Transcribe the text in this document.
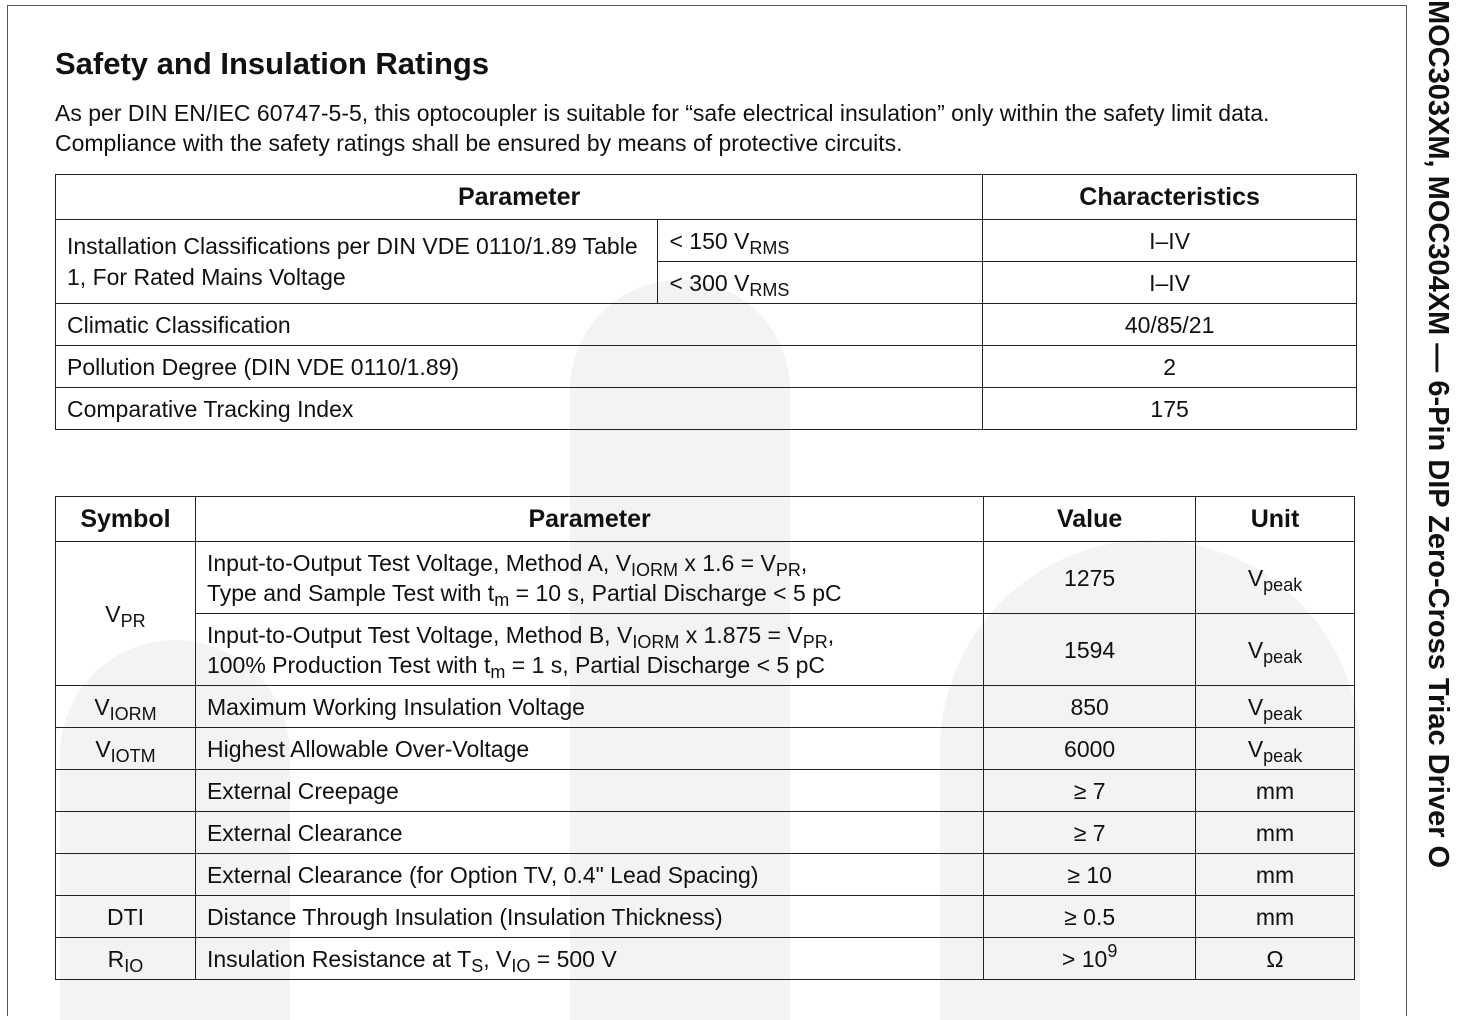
MOC303XM, MOC304XM — 6-Pin DIP Zero-Cross Triac Driver O
Safety and Insulation Ratings

As per DIN EN/IEC 60747-5-5, this optocoupler is suitable for “safe electrical insulation” only within the safety limit data. Compliance with the safety ratings shall be ensured by means of protective circuits.

Parameter		Characteristics
Installation Classifications per DIN VDE 0110/1.89 Table 1, For Rated Mains Voltage	< 150 $V_{RMS}$	I–IV
	< 300 $V_{RMS}$	I–IV
Climatic Classification		40/85/21
Pollution Degree (DIN VDE 0110/1.89)		2
Comparative Tracking Index		175
Symbol	Parameter	Value	Unit
$V_{PR}$	Input-to-Output Test Voltage, Method A, $V_{IORM}$ x $1.6 = V_{PR}$,
Type and Sample Test with $t_m = 10$ s, Partial Discharge < 5 pC	1275	$V_{peak}$
	Input-to-Output Test Voltage, Method B, $V_{IORM}$ x $1.875 = V_{PR}$,
100% Production Test with $t_m = 1$ s, Partial Discharge < 5 pC	1594	$V_{peak}$
$V_{IORM}$	Maximum Working Insulation Voltage	850	$V_{peak}$
$V_{IOTM}$	Highest Allowable Over-Voltage	6000	$V_{peak}$
	External Creepage	≥ 7	mm
	External Clearance	≥ 7	mm
	External Clearance (for Option TV, 0.4" Lead Spacing)	≥ 10	mm
DTI	Distance Through Insulation (Insulation Thickness)	≥ 0.5	mm
$R_{IO}$	Insulation Resistance at $T_S$, $V_{IO} = 500$ V	> $10^9$	Ω
